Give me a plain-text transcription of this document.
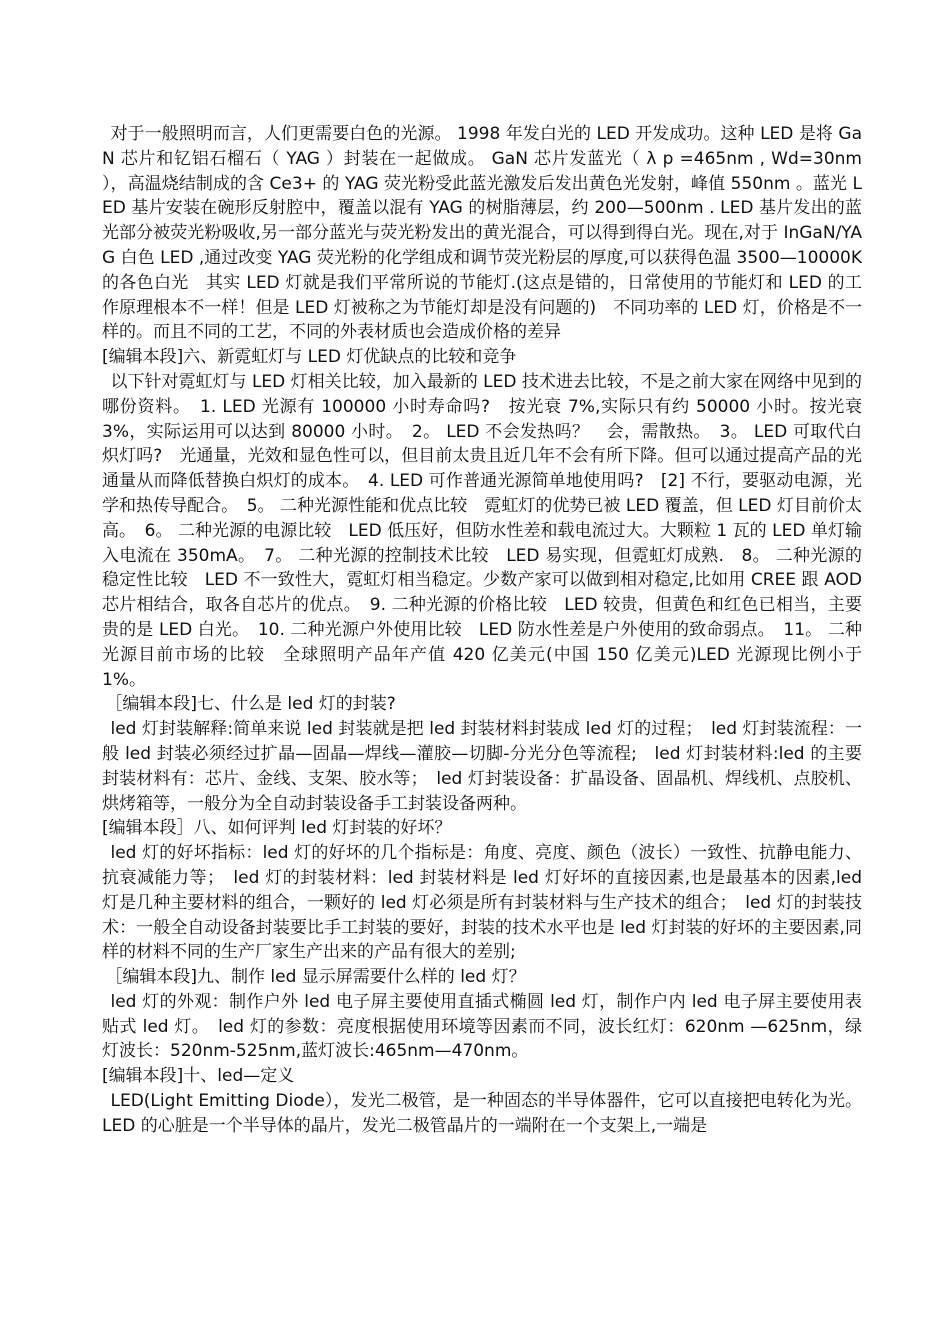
对于一般照明而言，人们更需要白色的光源。 1998 年发白光的 LED 开发成功。这种 LED 是将 GaN 芯片和钇铝石榴石（ YAG ）封装在一起做成。 GaN 芯片发蓝光（ λ p =465nm , Wd=30nm ），高温烧结制成的含 Ce3+ 的 YAG 荧光粉受此蓝光激发后发出黄色光发射，峰值 550nm 。蓝光 LED 基片安装在碗形反射腔中，覆盖以混有 YAG 的树脂薄层，约 200—500nm . LED 基片发出的蓝光部分被荧光粉吸收,另一部分蓝光与荧光粉发出的黄光混合，可以得到得白光。现在,对于 InGaN/YAG 白色 LED ,通过改变 YAG 荧光粉的化学组成和调节荧光粉层的厚度,可以获得色温 3500—10000K 的各色白光　其实 LED 灯就是我们平常所说的节能灯.(这点是错的，日常使用的节能灯和 LED 的工作原理根本不一样！但是 LED 灯被称之为节能灯却是没有问题的)　不同功率的 LED 灯，价格是不一样的。而且不同的工艺，不同的外表材质也会造成价格的差异

[编辑本段]六、新霓虹灯与 LED 灯优缺点的比较和竞争

以下针对霓虹灯与 LED 灯相关比较，加入最新的 LED 技术进去比较，不是之前大家在网络中见到的哪份资料。　1. LED 光源有 100000 小时寿命吗?　按光衰 7%,实际只有约 50000 小时。按光衰 3%，实际运用可以达到 80000 小时。　2。 LED 不会发热吗？　会，需散热。　3。 LED 可取代白炽灯吗?　光通量，光效和显色性可以，但目前太贵且近几年不会有所下降。但可以通过提高产品的光通量从而降低替换白炽灯的成本。　4. LED 可作普通光源简单地使用吗?　[2] 不行，要驱动电源，光学和热传导配合。　5。 二种光源性能和优点比较　霓虹灯的优势已被 LED 覆盖，但 LED 灯目前价太高。　6。 二种光源的电源比较　LED 低压好，但防水性差和载电流过大。大颗粒 1 瓦的 LED 单灯输入电流在 350mA。　7。 二种光源的控制技术比较　LED 易实现，但霓虹灯成熟.　8。 二种光源的稳定性比较　LED 不一致性大，霓虹灯相当稳定。少数产家可以做到相对稳定,比如用 CREE 跟 AOD 芯片相结合，取各自芯片的优点。　9. 二种光源的价格比较　LED 较贵，但黄色和红色已相当，主要贵的是 LED 白光。　10. 二种光源户外使用比较　LED 防水性差是户外使用的致命弱点。　11。 二种光源目前市场的比较　全球照明产品年产值 420 亿美元(中国 150 亿美元)LED 光源现比例小于 1%。

［编辑本段]七、什么是 led 灯的封装?

led 灯封装解释:简单来说 led 封装就是把 led 封装材料封装成 led 灯的过程；　led 灯封装流程：一般 led 封装必须经过扩晶—固晶—焊线—灌胶—切脚-分光分色等流程;　led 灯封装材料:led 的主要封装材料有：芯片、金线、支架、胶水等；　led 灯封装设备：扩晶设备、固晶机、焊线机、点胶机、烘烤箱等，一般分为全自动封装设备手工封装设备两种。

[编辑本段］八、如何评判 led 灯封装的好坏？

led 灯的好坏指标：led 灯的好坏的几个指标是：角度、亮度、颜色（波长）一致性、抗静电能力、抗衰减能力等；　led 灯的封装材料：led 封装材料是 led 灯好坏的直接因素,也是最基本的因素,led 灯是几种主要材料的组合，一颗好的 led 灯必须是所有封装材料与生产技术的组合；　led 灯的封装技术：一般全自动设备封装要比手工封装的要好，封装的技术水平也是 led 灯封装的好坏的主要因素,同样的材料不同的生产厂家生产出来的产品有很大的差别;

［编辑本段]九、制作 led 显示屏需要什么样的 led 灯？

led 灯的外观：制作户外 led 电子屏主要使用直插式椭圆 led 灯，制作户内 led 电子屏主要使用表贴式 led 灯。　led 灯的参数：亮度根据使用环境等因素而不同，波长红灯：620nm —625nm，绿灯波长：520nm-525nm,蓝灯波长:465nm—470nm。

[编辑本段]十、led—定义

LED(Light Emitting Diode），发光二极管，是一种固态的半导体器件，它可以直接把电转化为光。LED 的心脏是一个半导体的晶片，发光二极管晶片的一端附在一个支架上,一端是
